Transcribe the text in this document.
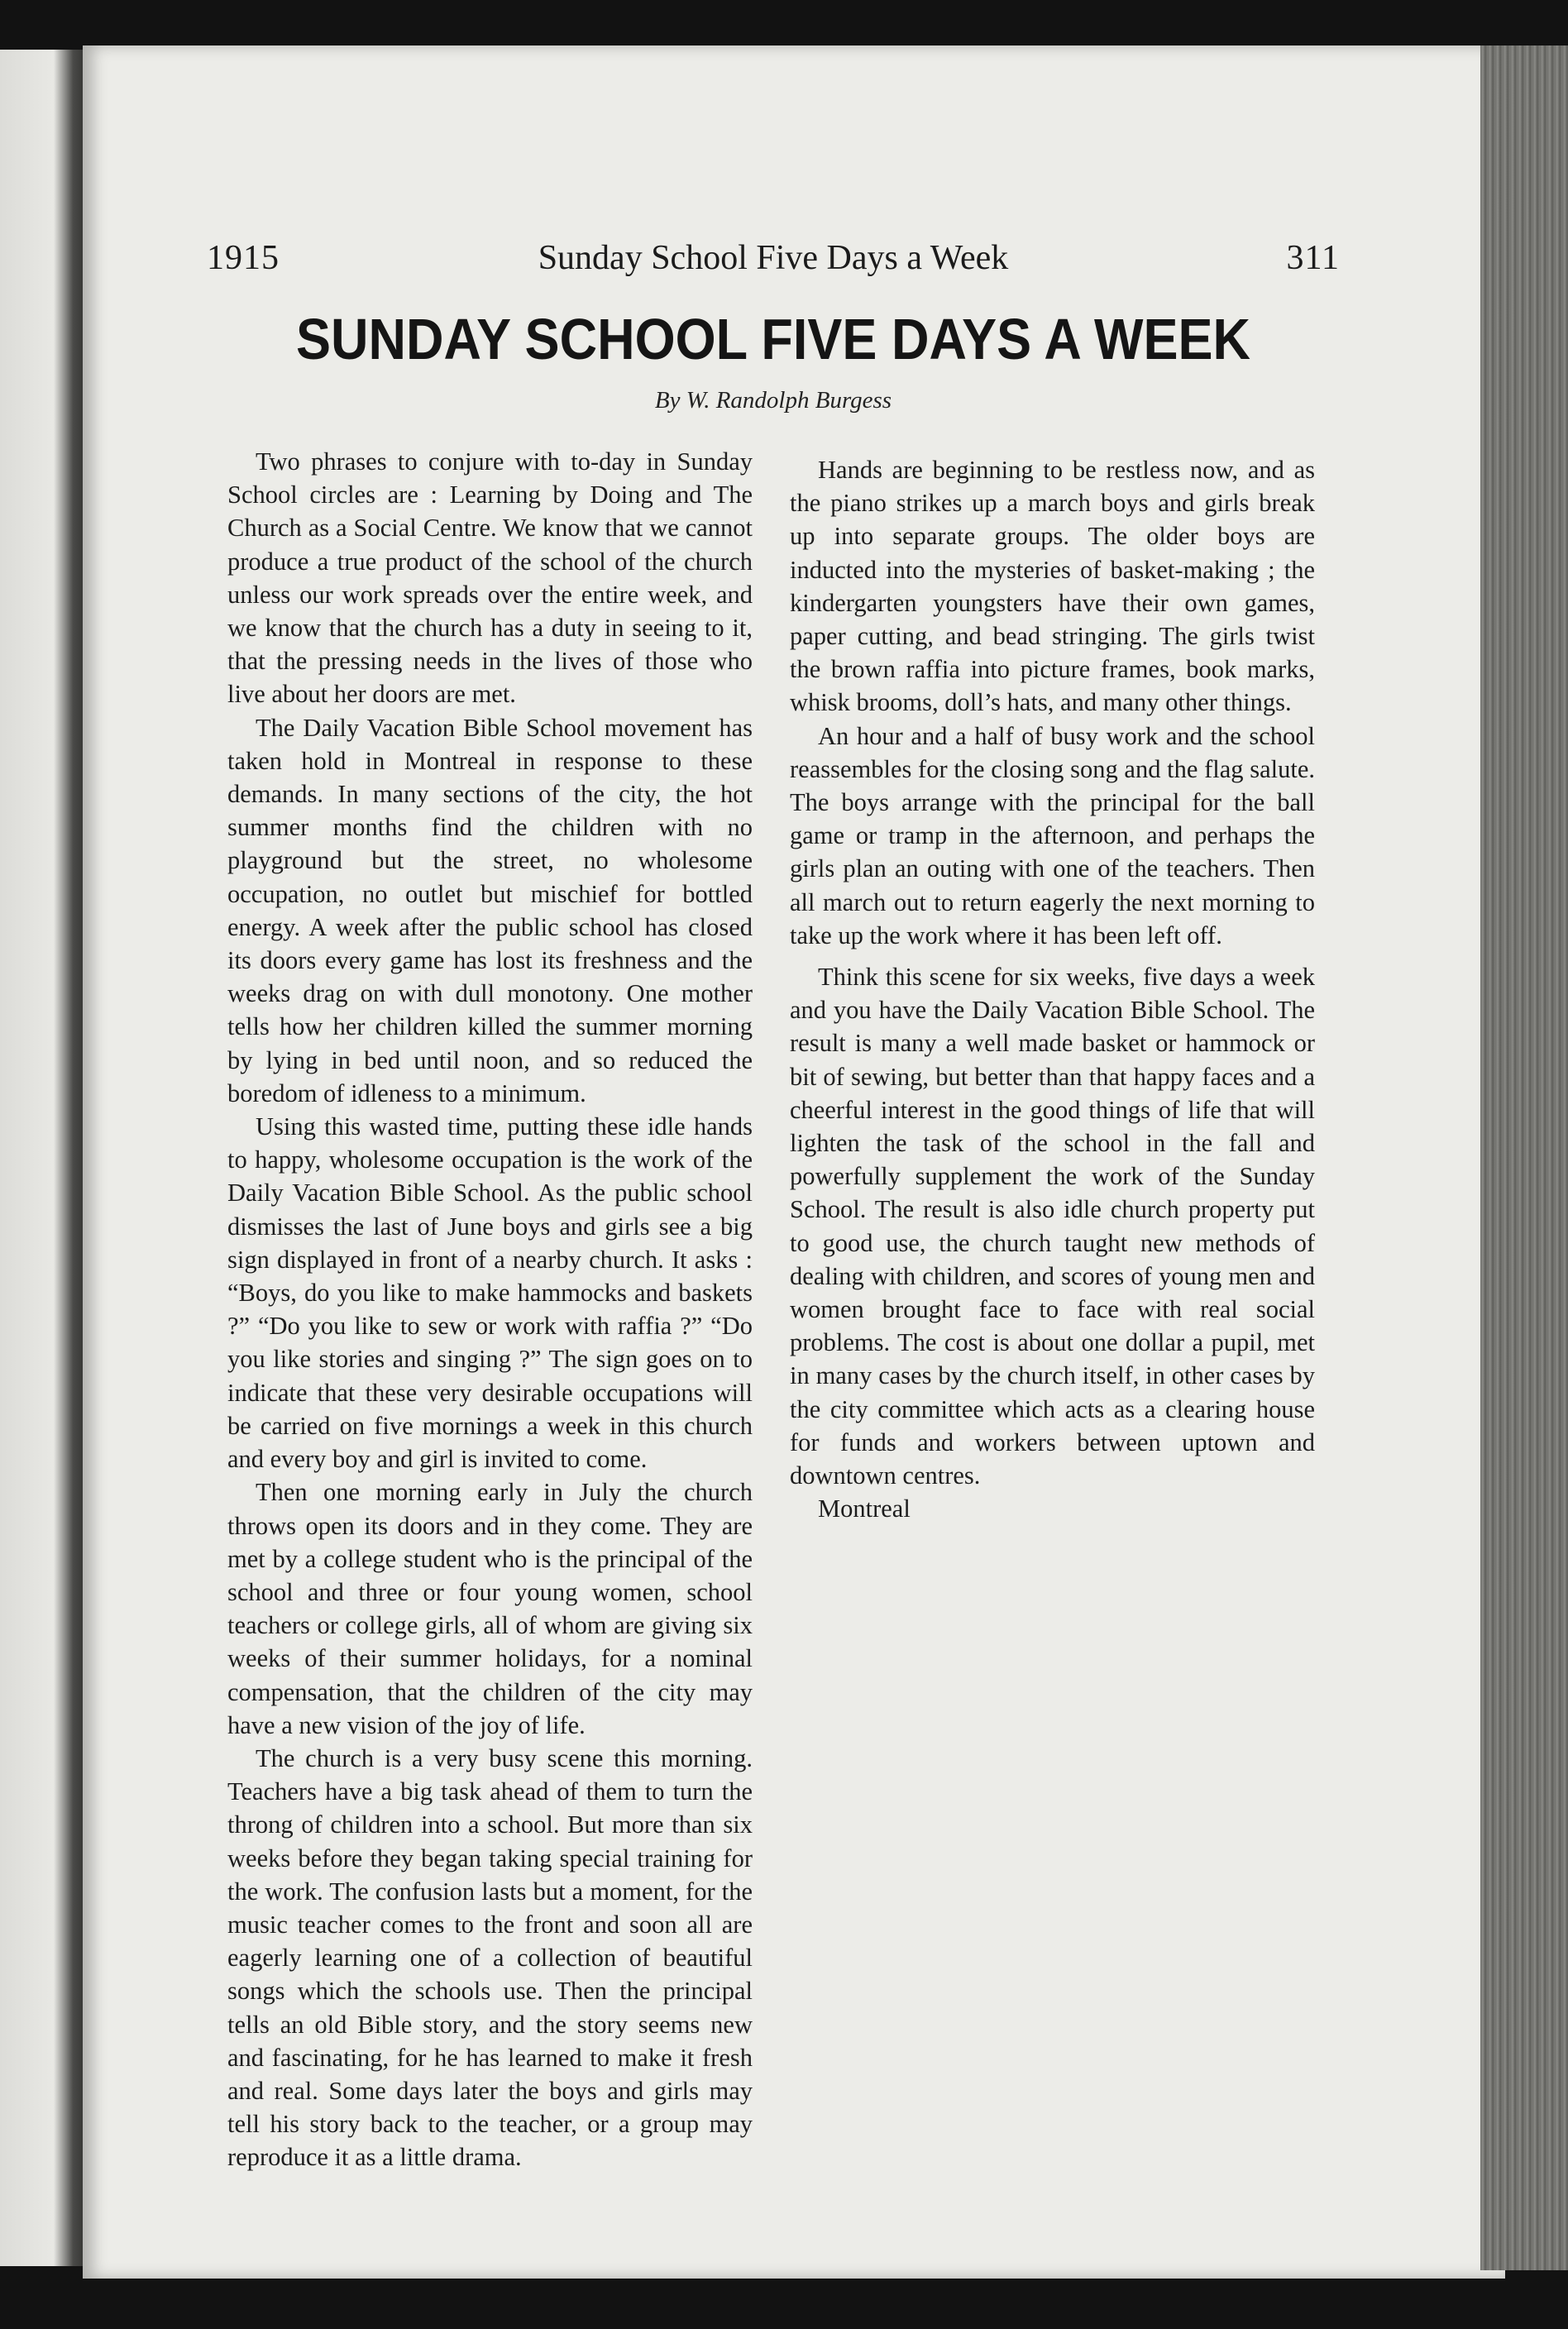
1915	Sunday School Five Days a Week	311
SUNDAY SCHOOL FIVE DAYS A WEEK
By W. Randolph Burgess

Two phrases to conjure with to-day in Sunday School circles are : Learning by Doing and The Church as a Social Centre. We know that we cannot produce a true product of the school of the church unless our work spreads over the entire week, and we know that the church has a duty in seeing to it, that the pressing needs in the lives of those who live about her doors are met.

The Daily Vacation Bible School movement has taken hold in Montreal in response to these demands. In many sections of the city, the hot summer months find the children with no playground but the street, no wholesome occupation, no outlet but mischief for bottled energy. A week after the public school has closed its doors every game has lost its freshness and the weeks drag on with dull monotony. One mother tells how her children killed the summer morning by lying in bed until noon, and so reduced the boredom of idleness to a minimum.

Using this wasted time, putting these idle hands to happy, wholesome occupation is the work of the Daily Vacation Bible School. As the public school dismisses the last of June boys and girls see a big sign displayed in front of a nearby church. It asks : “Boys, do you like to make hammocks and baskets ?” “Do you like to sew or work with raffia ?” “Do you like stories and singing ?” The sign goes on to indicate that these very desirable occupations will be carried on five mornings a week in this church and every boy and girl is invited to come.

Then one morning early in July the church throws open its doors and in they come. They are met by a college student who is the principal of the school and three or four young women, school teachers or college girls, all of whom are giving six weeks of their summer holidays, for a nominal compensation, that the children of the city may have a new vision of the joy of life.

The church is a very busy scene this morning. Teachers have a big task ahead of them to turn the throng of children into a school. But more than six weeks before they began taking special training for the work. The confusion lasts but a moment, for the music teacher comes to the front and soon all are eagerly learning one of a collection of beautiful songs which the schools use. Then the principal tells an old Bible story, and the story seems new and fascinating, for he has learned to make it fresh and real. Some days later the boys and girls may tell his story back to the teacher, or a group may reproduce it as a little drama.

Hands are beginning to be restless now, and as the piano strikes up a march boys and girls break up into separate groups. The older boys are inducted into the mysteries of basket-making ; the kindergarten youngsters have their own games, paper cutting, and bead stringing. The girls twist the brown raffia into picture frames, book marks, whisk brooms, doll’s hats, and many other things.

An hour and a half of busy work and the school reassembles for the closing song and the flag salute. The boys arrange with the principal for the ball game or tramp in the afternoon, and perhaps the girls plan an outing with one of the teachers. Then all march out to return eagerly the next morning to take up the work where it has been left off.

Think this scene for six weeks, five days a week and you have the Daily Vacation Bible School. The result is many a well made basket or hammock or bit of sewing, but better than that happy faces and a cheerful interest in the good things of life that will lighten the task of the school in the fall and powerfully supplement the work of the Sunday School. The result is also idle church property put to good use, the church taught new methods of dealing with children, and scores of young men and women brought face to face with real social problems. The cost is about one dollar a pupil, met in many cases by the church itself, in other cases by the city committee which acts as a clearing house for funds and workers between uptown and downtown centres.

Montreal
